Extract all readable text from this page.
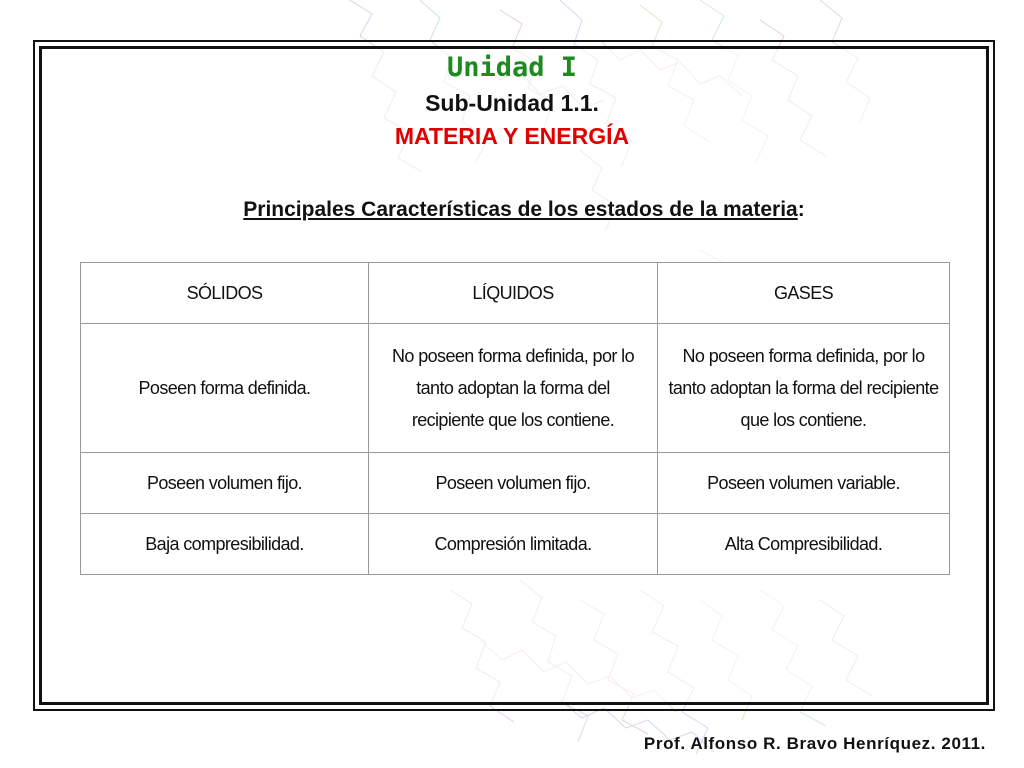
Unidad I
Sub-Unidad 1.1.
MATERIA Y ENERGÍA
Principales Características de los estados de la materia:
SÓLIDOS	LÍQUIDOS	GASES
Poseen forma definida.	No poseen forma definida, por lo tanto adoptan la forma del recipiente que los contiene.	No poseen forma definida, por lo tanto adoptan la forma del recipiente que los contiene.
Poseen volumen fijo.	Poseen volumen fijo.	Poseen volumen variable.
Baja compresibilidad.	Compresión limitada.	Alta Compresibilidad.
Prof. Alfonso R. Bravo Henríquez. 2011.
